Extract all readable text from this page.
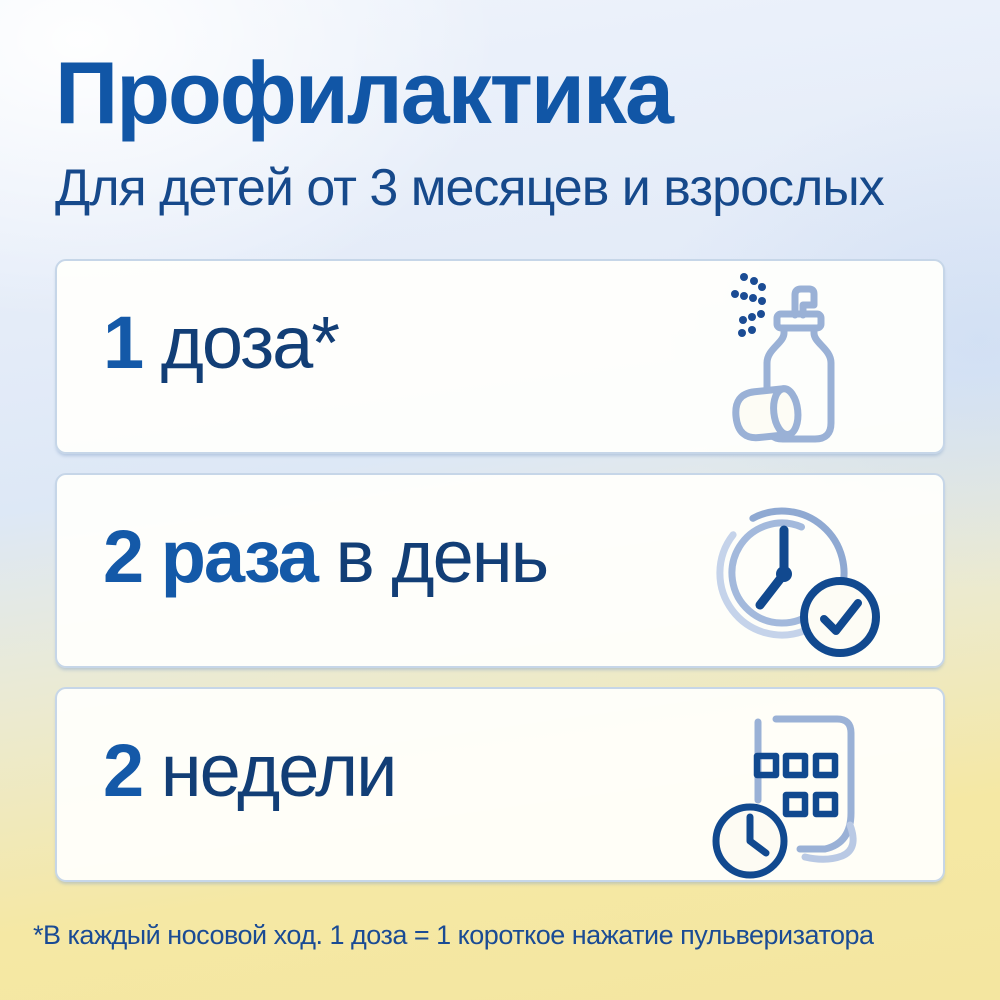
Профилактика

Для детей от 3 месяцев и взрослых

1 доза*

2 раза в день

2 недели

*В каждый носовой ход. 1 доза = 1 короткое нажатие пульверизатора
